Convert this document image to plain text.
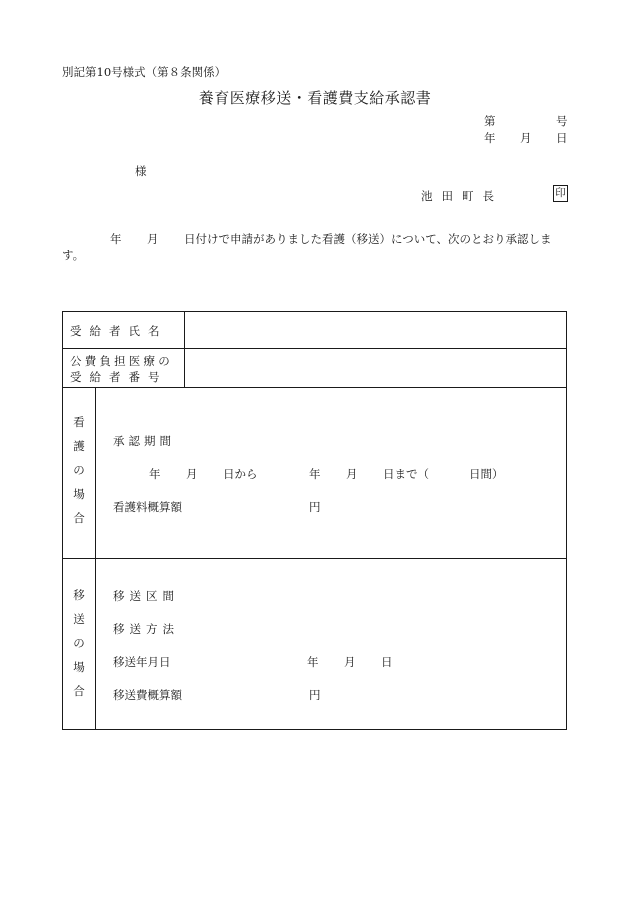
別記第10号様式（第８条関係）
養育医療移送・看護費支給承認書
第	号
年 月 日
様
池田町長	印
年 月 日付けで申請がありました看護（移送）について、次のとおり承認しま
す。
受給者氏名
公費負担医療の
受給者番号
看
護
の
場
合
承認期間
年 月 日から	年 月 日まで（	日間）
看護料概算額	円
移
送
の
場
合
移送区間
移送方法
移送年月日	年 月 日
移送費概算額	円
